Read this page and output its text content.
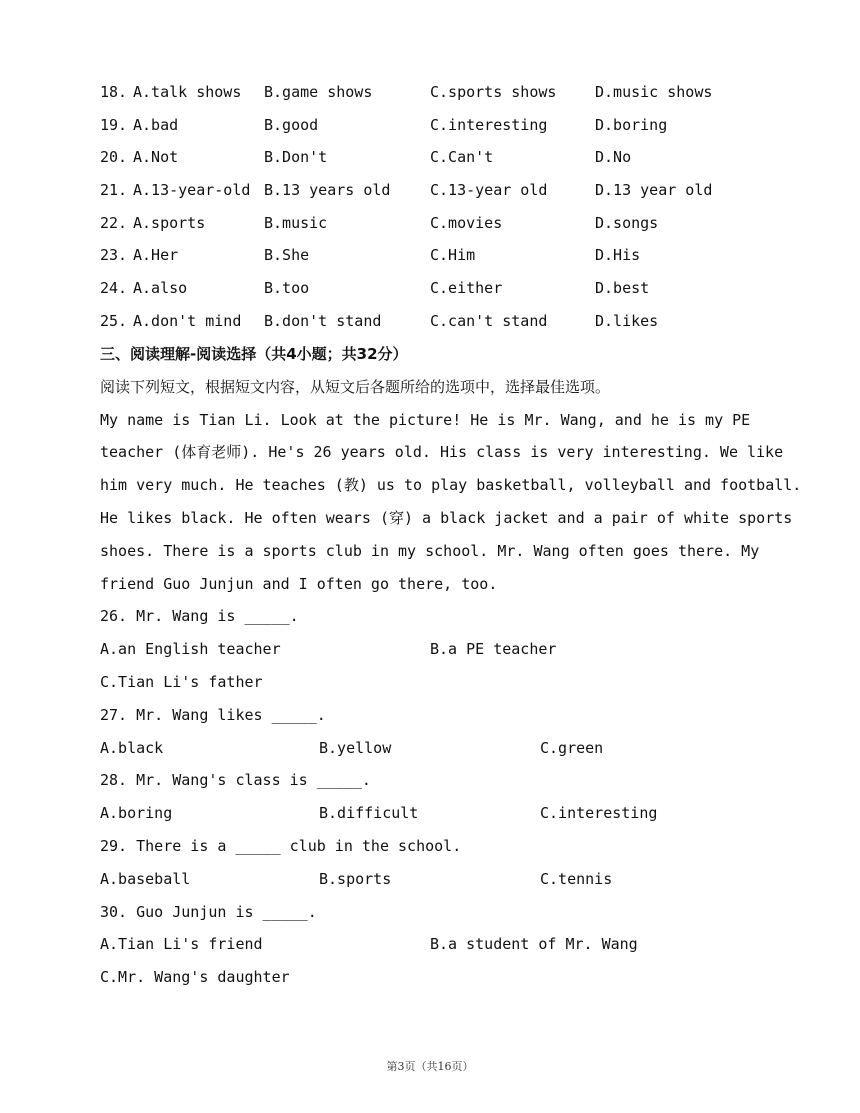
18. A.talk shows B.game shows	C.sports shows	D.music shows
19. A.bad	B.good	C.interesting	D.boring
20. A.Not	B.Don't	C.Can't	D.No
21. A.13-year-old B.13 years old	C.13-year old	D.13 year old
22. A.sports	B.music	C.movies	D.songs
23. A.Her	B.She	C.Him	D.His
24. A.also	B.too	C.either	D.best
25. A.don't mind B.don't stand	C.can't stand	D.likes
三、阅读理解-阅读选择（共4小题；共32分）
阅读下列短文，根据短文内容，从短文后各题所给的选项中，选择最佳选项。
My name is Tian Li. Look at the picture! He is Mr. Wang, and he is my PE
teacher (体育老师). He's 26 years old. His class is very interesting. We like
him very much. He teaches (教) us to play basketball, volleyball and football.
He likes black. He often wears (穿) a black jacket and a pair of white sports
shoes. There is a sports club in my school. Mr. Wang often goes there. My
friend Guo Junjun and I often go there, too.
26. Mr. Wang is _____.
A.an English teacher	B.a PE teacher
C.Tian Li's father
27. Mr. Wang likes _____.
A.black	B.yellow	C.green
28. Mr. Wang's class is _____.
A.boring	B.difficult	C.interesting
29. There is a _____ club in the school.
A.baseball	B.sports	C.tennis
30. Guo Junjun is _____.
A.Tian Li's friend	B.a student of Mr. Wang
C.Mr. Wang's daughter
第3页（共16页）
